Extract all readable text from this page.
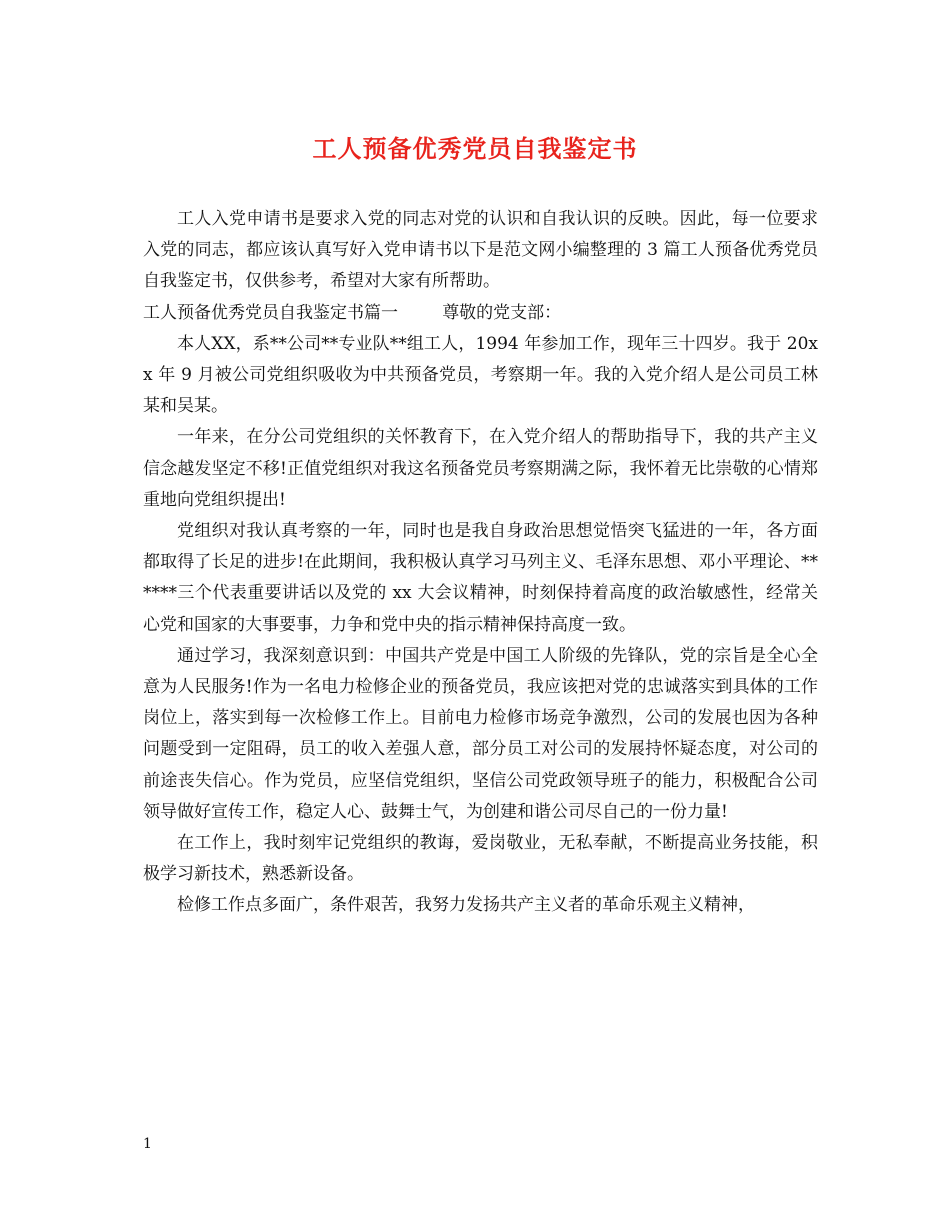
工人预备优秀党员自我鉴定书

工人入党申请书是要求入党的同志对党的认识和自我认识的反映。因此，每一位要求入党的同志，都应该认真写好入党申请书以下是范文网小编整理的 3 篇工人预备优秀党员自我鉴定书，仅供参考，希望对大家有所帮助。

工人预备优秀党员自我鉴定书篇一	尊敬的党支部：

本人XX，系**公司**专业队**组工人，1994 年参加工作，现年三十四岁。我于 20xx 年 9 月被公司党组织吸收为中共预备党员，考察期一年。我的入党介绍人是公司员工林某和吴某。

一年来，在分公司党组织的关怀教育下，在入党介绍人的帮助指导下，我的共产主义信念越发坚定不移!正值党组织对我这名预备党员考察期满之际，我怀着无比崇敬的心情郑重地向党组织提出!

党组织对我认真考察的一年，同时也是我自身政治思想觉悟突飞猛进的一年，各方面都取得了长足的进步!在此期间，我积极认真学习马列主义、毛泽东思想、邓小平理论、******三个代表重要讲话以及党的 xx 大会议精神，时刻保持着高度的政治敏感性，经常关心党和国家的大事要事，力争和党中央的指示精神保持高度一致。

通过学习，我深刻意识到：中国共产党是中国工人阶级的先锋队，党的宗旨是全心全意为人民服务!作为一名电力检修企业的预备党员，我应该把对党的忠诚落实到具体的工作岗位上，落实到每一次检修工作上。目前电力检修市场竞争激烈，公司的发展也因为各种问题受到一定阻碍，员工的收入差强人意，部分员工对公司的发展持怀疑态度，对公司的前途丧失信心。作为党员，应坚信党组织，坚信公司党政领导班子的能力，积极配合公司领导做好宣传工作，稳定人心、鼓舞士气，为创建和谐公司尽自己的一份力量!

在工作上，我时刻牢记党组织的教诲，爱岗敬业，无私奉献，不断提高业务技能，积极学习新技术，熟悉新设备。

检修工作点多面广，条件艰苦，我努力发扬共产主义者的革命乐观主义精神，

1
